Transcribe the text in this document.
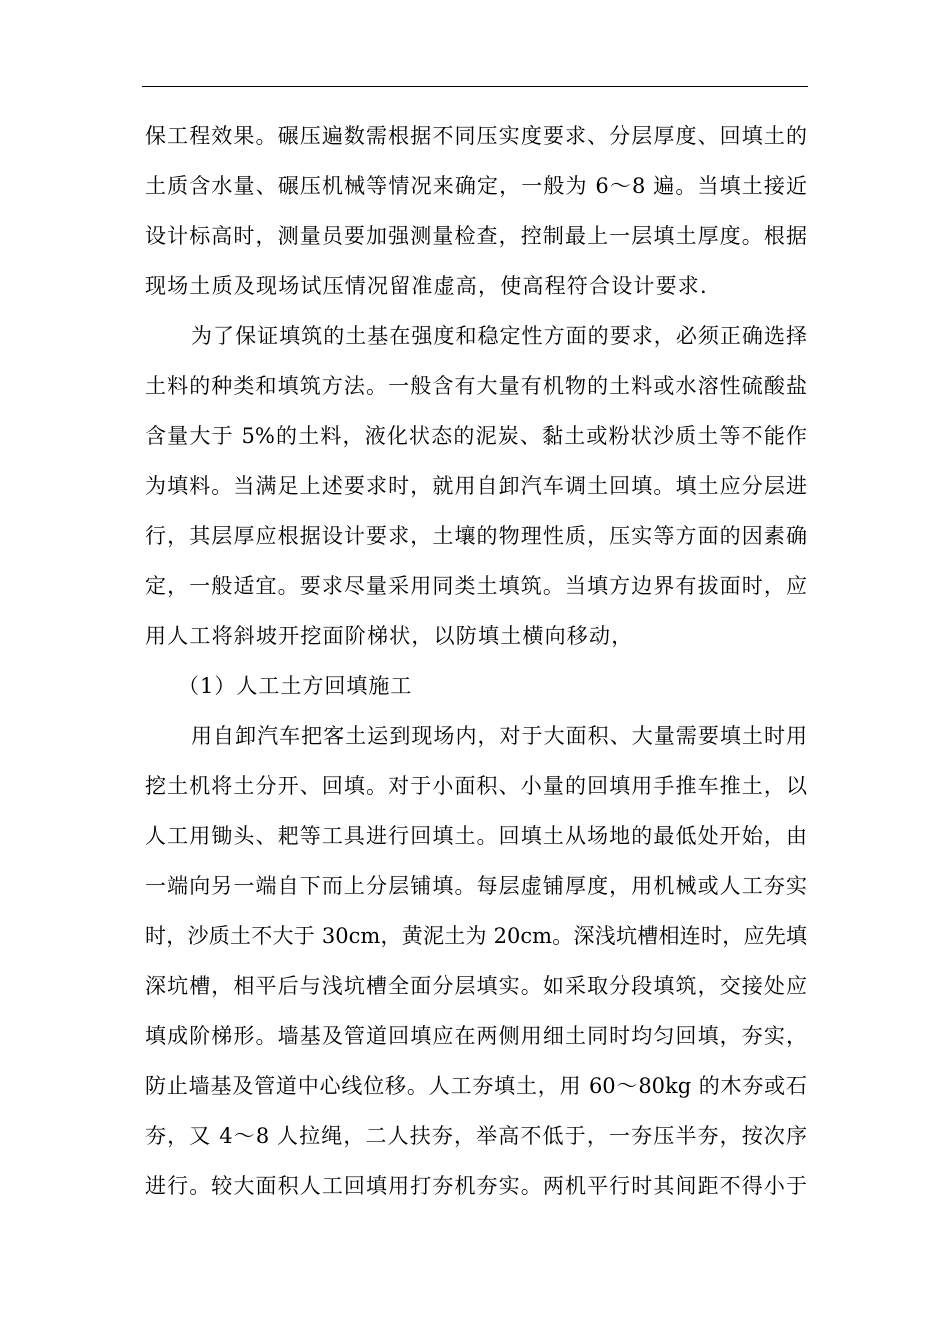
保工程效果。碾压遍数需根据不同压实度要求、分层厚度、回填土的
土质含水量、碾压机械等情况来确定，一般为 6～8 遍。当填土接近
设计标高时，测量员要加强测量检查，控制最上一层填土厚度。根据
现场土质及现场试压情况留准虚高，使高程符合设计要求.
为了保证填筑的土基在强度和稳定性方面的要求，必须正确选择
土料的种类和填筑方法。一般含有大量有机物的土料或水溶性硫酸盐
含量大于 5%的土料，液化状态的泥炭、黏土或粉状沙质土等不能作
为填料。当满足上述要求时，就用自卸汽车调土回填。填土应分层进
行，其层厚应根据设计要求，土壤的物理性质，压实等方面的因素确
定，一般适宜。要求尽量采用同类土填筑。当填方边界有拔面时，应
用人工将斜坡开挖面阶梯状，以防填土横向移动，
（1）人工土方回填施工
用自卸汽车把客土运到现场内，对于大面积、大量需要填土时用
挖土机将土分开、回填。对于小面积、小量的回填用手推车推土，以
人工用锄头、耙等工具进行回填土。回填土从场地的最低处开始，由
一端向另一端自下而上分层铺填。每层虚铺厚度，用机械或人工夯实
时，沙质土不大于 30cm，黄泥土为 20cm。深浅坑槽相连时，应先填
深坑槽，相平后与浅坑槽全面分层填实。如采取分段填筑，交接处应
填成阶梯形。墙基及管道回填应在两侧用细土同时均匀回填，夯实，
防止墙基及管道中心线位移。人工夯填土，用 60～80kg 的木夯或石
夯，又 4～8 人拉绳，二人扶夯，举高不低于，一夯压半夯，按次序
进行。较大面积人工回填用打夯机夯实。两机平行时其间距不得小于
